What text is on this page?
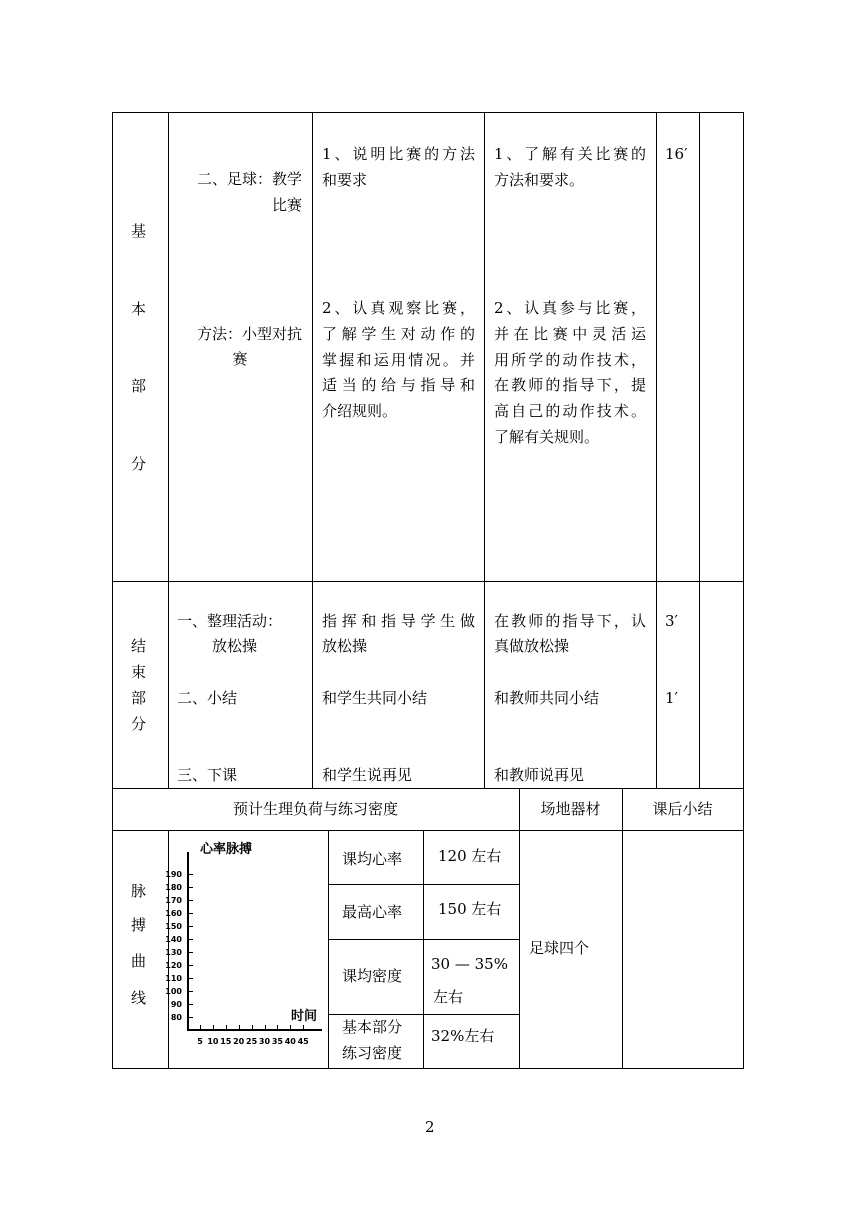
基
本
部
分
二、足球：教学
比赛
方法：小型对抗
赛
1、说明比赛的方法
和要求
2、认真观察比赛，
了解学生对动作的
掌握和运用情况。并
适当的给与指导和
介绍规则。
1、了解有关比赛的
方法和要求。
2、认真参与比赛，
并在比赛中灵活运
用所学的动作技术，
在教师的指导下，提
高自己的动作技术。
了解有关规则。
16′
结
束
部
分
一、整理活动：
放松操
二、小结
三、下课
指挥和指导学生做
放松操
和学生共同小结
和学生说再见
在教师的指导下，认
真做放松操
和教师共同小结
和教师说再见
3′
1′
预计生理负荷与练习密度	场地器材	课后小结
脉
搏
曲
线
心率脉搏
时间
80
90
100
110
120
130
140
150
160
170
180
190
5 10 15 20 25 30 35 40 45
课均心率 120 左右
最高心率 150 左右
课均密度
30 — 35%
左右
基本部分
练习密度
32%左右
足球四个
2
